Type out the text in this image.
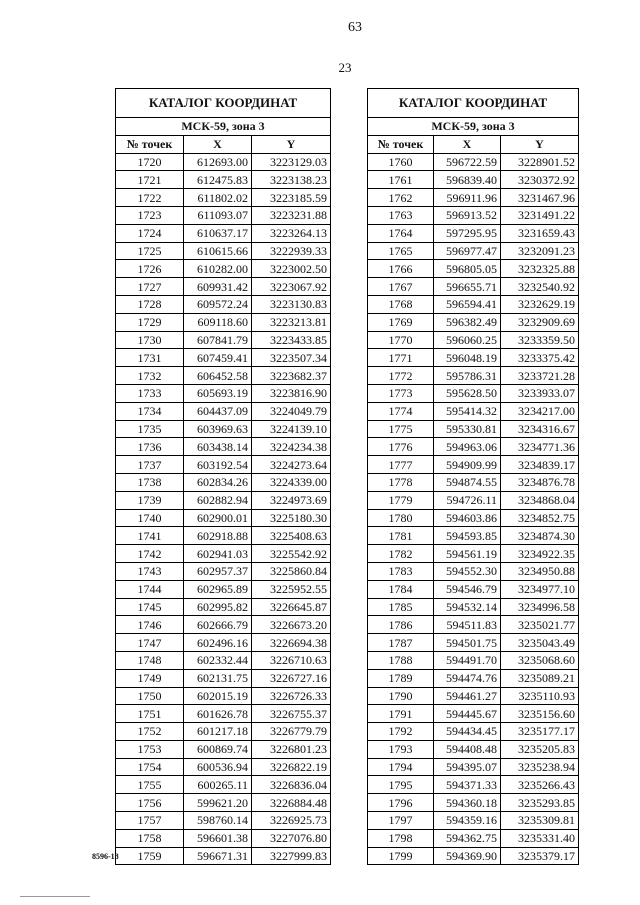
63
23
КАТАЛОГ КООРДИНАТ		
МСК-59, зона 3		
№ точек	X	Y
1720	612693.00	3223129.03
1721	612475.83	3223138.23
1722	611802.02	3223185.59
1723	611093.07	3223231.88
1724	610637.17	3223264.13
1725	610615.66	3222939.33
1726	610282.00	3223002.50
1727	609931.42	3223067.92
1728	609572.24	3223130.83
1729	609118.60	3223213.81
1730	607841.79	3223433.85
1731	607459.41	3223507.34
1732	606452.58	3223682.37
1733	605693.19	3223816.90
1734	604437.09	3224049.79
1735	603969.63	3224139.10
1736	603438.14	3224234.38
1737	603192.54	3224273.64
1738	602834.26	3224339.00
1739	602882.94	3224973.69
1740	602900.01	3225180.30
1741	602918.88	3225408.63
1742	602941.03	3225542.92
1743	602957.37	3225860.84
1744	602965.89	3225952.55
1745	602995.82	3226645.87
1746	602666.79	3226673.20
1747	602496.16	3226694.38
1748	602332.44	3226710.63
1749	602131.75	3226727.16
1750	602015.19	3226726.33
1751	601626.78	3226755.37
1752	601217.18	3226779.79
1753	600869.74	3226801.23
1754	600536.94	3226822.19
1755	600265.11	3226836.04
1756	599621.20	3226884.48
1757	598760.14	3226925.73
1758	596601.38	3227076.80
1759	596671.31	3227999.83
КАТАЛОГ КООРДИНАТ		
МСК-59, зона 3		
№ точек	X	Y
1760	596722.59	3228901.52
1761	596839.40	3230372.92
1762	596911.96	3231467.96
1763	596913.52	3231491.22
1764	597295.95	3231659.43
1765	596977.47	3232091.23
1766	596805.05	3232325.88
1767	596655.71	3232540.92
1768	596594.41	3232629.19
1769	596382.49	3232909.69
1770	596060.25	3233359.50
1771	596048.19	3233375.42
1772	595786.31	3233721.28
1773	595628.50	3233933.07
1774	595414.32	3234217.00
1775	595330.81	3234316.67
1776	594963.06	3234771.36
1777	594909.99	3234839.17
1778	594874.55	3234876.78
1779	594726.11	3234868.04
1780	594603.86	3234852.75
1781	594593.85	3234874.30
1782	594561.19	3234922.35
1783	594552.30	3234950.88
1784	594546.79	3234977.10
1785	594532.14	3234996.58
1786	594511.83	3235021.77
1787	594501.75	3235043.49
1788	594491.70	3235068.60
1789	594474.76	3235089.21
1790	594461.27	3235110.93
1791	594445.67	3235156.60
1792	594434.45	3235177.17
1793	594408.48	3235205.83
1794	594395.07	3235238.94
1795	594371.33	3235266.43
1796	594360.18	3235293.85
1797	594359.16	3235309.81
1798	594362.75	3235331.40
1799	594369.90	3235379.17
8596-18
